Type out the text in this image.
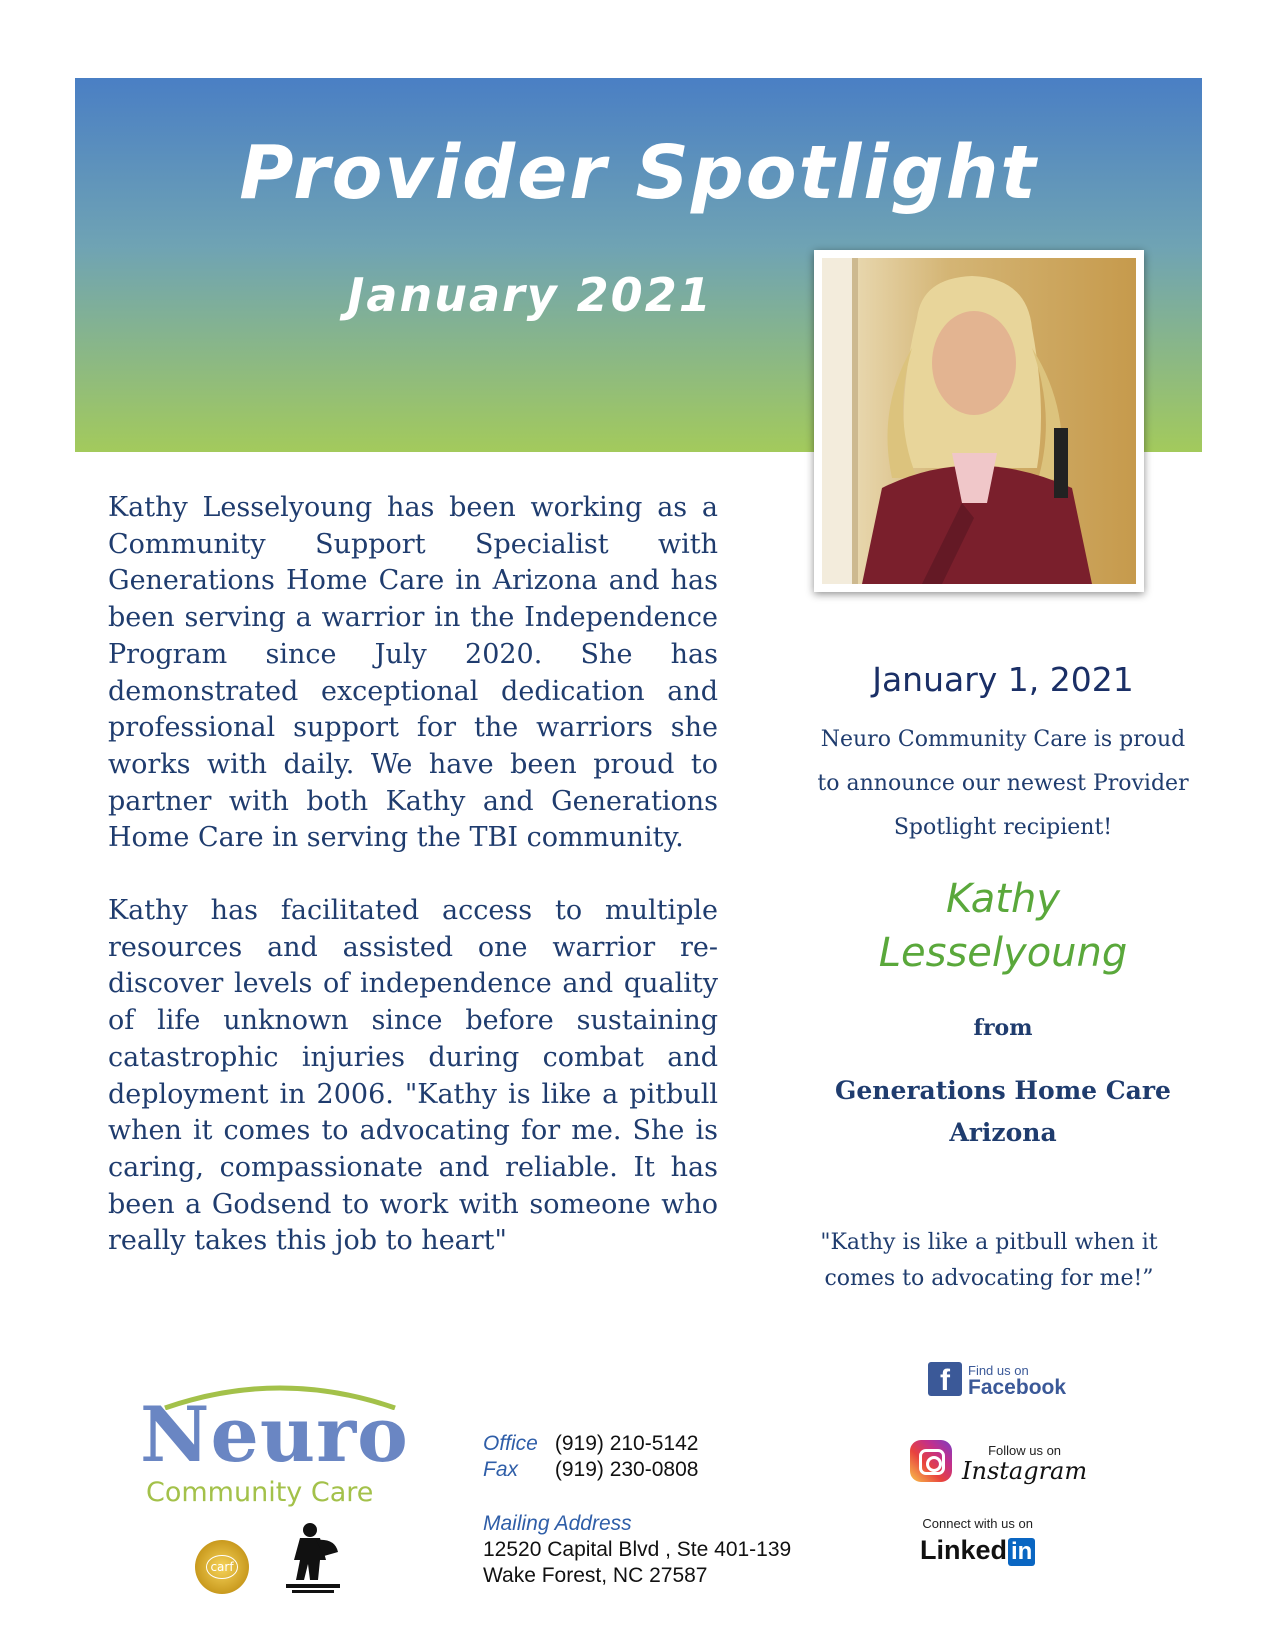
Provider Spotlight
January 2021

Kathy Lesselyoung has been working as a Community Support Specialist with Generations Home Care in Arizona and has been serving a warrior in the Independence Program since July 2020. She has demonstrated exceptional dedication and professional support for the warriors she works with daily. We have been proud to partner with both Kathy and Generations Home Care in serving the TBI community.

Kathy has facilitated access to multiple resources and assisted one warrior re-discover levels of independence and quality of life unknown since before sustaining catastrophic injuries during combat and deployment in 2006. "Kathy is like a pitbull when it comes to advocating for me. She is caring, compassionate and reliable. It has been a Godsend to work with someone who really takes this job to heart"

January 1, 2021
Neuro Community Care is proud to announce our newest Provider Spotlight recipient!
Kathy
Lesselyoung
from
Generations Home Care
Arizona
"Kathy is like a pitbull when it comes to advocating for me!”
Neuro
Community Care
carf
Office (919) 210-5142
Fax (919) 230-0808
Mailing Address
12520 Capital Blvd , Ste 401-139
Wake Forest, NC 27587
f	Find us on
Facebook
Follow us on
Instagram
Connect with us on
Linked in
